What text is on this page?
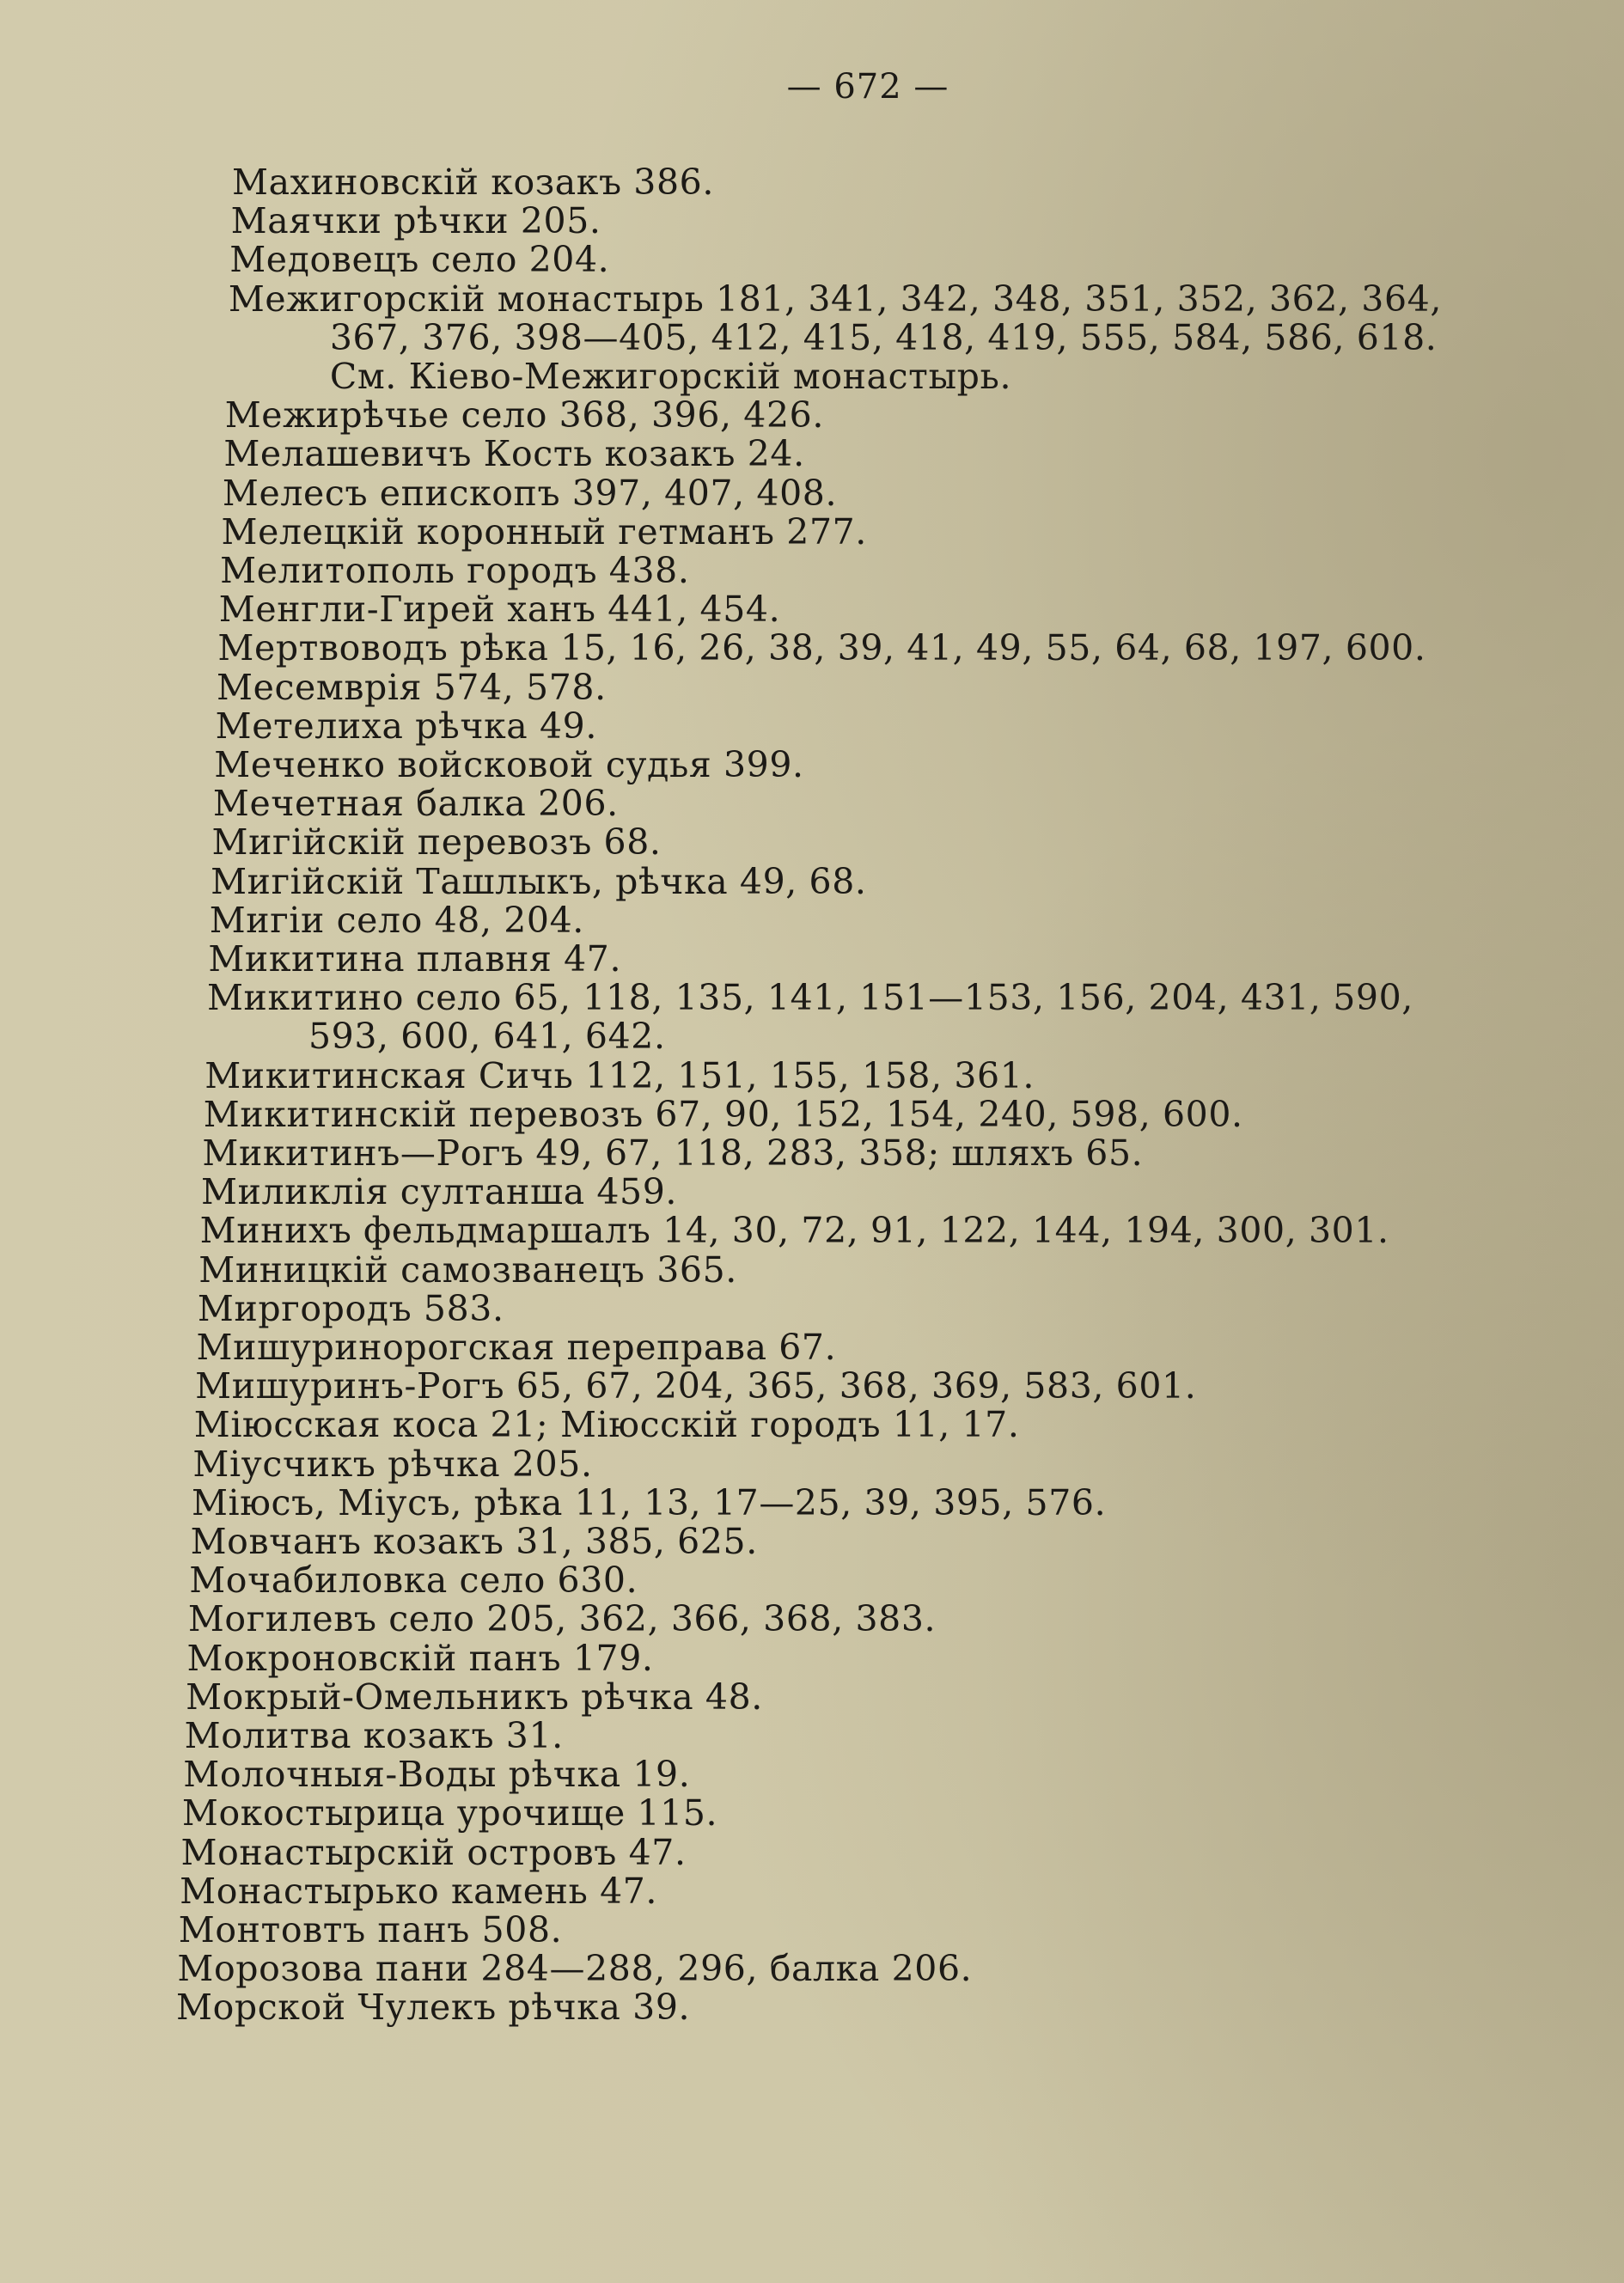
— 672 —
Махиновскій козакъ 386.
Маячки рѣчки 205.
Медовецъ село 204.
Межигорскій монастырь 181, 341, 342, 348, 351, 352, 362, 364,
367, 376, 398—405, 412, 415, 418, 419, 555, 584, 586, 618.
См. Кіево-Межигорскій монастырь.
Межирѣчье село 368, 396, 426.
Мелашевичъ Кость козакъ 24.
Мелесъ епископъ 397, 407, 408.
Мелецкій коронный гетманъ 277.
Мелитополь городъ 438.
Менгли-Гирей ханъ 441, 454.
Мертвоводъ рѣка 15, 16, 26, 38, 39, 41, 49, 55, 64, 68, 197, 600.
Месемврія 574, 578.
Метелиха рѣчка 49.
Меченко войсковой судья 399.
Мечетная балка 206.
Мигійскій перевозъ 68.
Мигійскій Ташлыкъ, рѣчка 49, 68.
Мигіи село 48, 204.
Микитина плавня 47.
Микитино село 65, 118, 135, 141, 151—153, 156, 204, 431, 590,
593, 600, 641, 642.
Микитинская Сичь 112, 151, 155, 158, 361.
Микитинскій перевозъ 67, 90, 152, 154, 240, 598, 600.
Микитинъ—Рогъ 49, 67, 118, 283, 358; шляхъ 65.
Миликлія султанша 459.
Минихъ фельдмаршалъ 14, 30, 72, 91, 122, 144, 194, 300, 301.
Миницкій самозванецъ 365.
Миргородъ 583.
Мишуринорогская переправа 67.
Мишуринъ-Рогъ 65, 67, 204, 365, 368, 369, 583, 601.
Міюсская коса 21; Міюсскій городъ 11, 17.
Міусчикъ рѣчка 205.
Міюсъ, Міусъ, рѣка 11, 13, 17—25, 39, 395, 576.
Мовчанъ козакъ 31, 385, 625.
Мочабиловка село 630.
Могилевъ село 205, 362, 366, 368, 383.
Мокроновскій панъ 179.
Мокрый-Омельникъ рѣчка 48.
Молитва козакъ 31.
Молочныя-Воды рѣчка 19.
Мокостырица урочище 115.
Монастырскій островъ 47.
Монастырько камень 47.
Монтовтъ панъ 508.
Морозова пани 284—288, 296, балка 206.
Морской Чулекъ рѣчка 39.
